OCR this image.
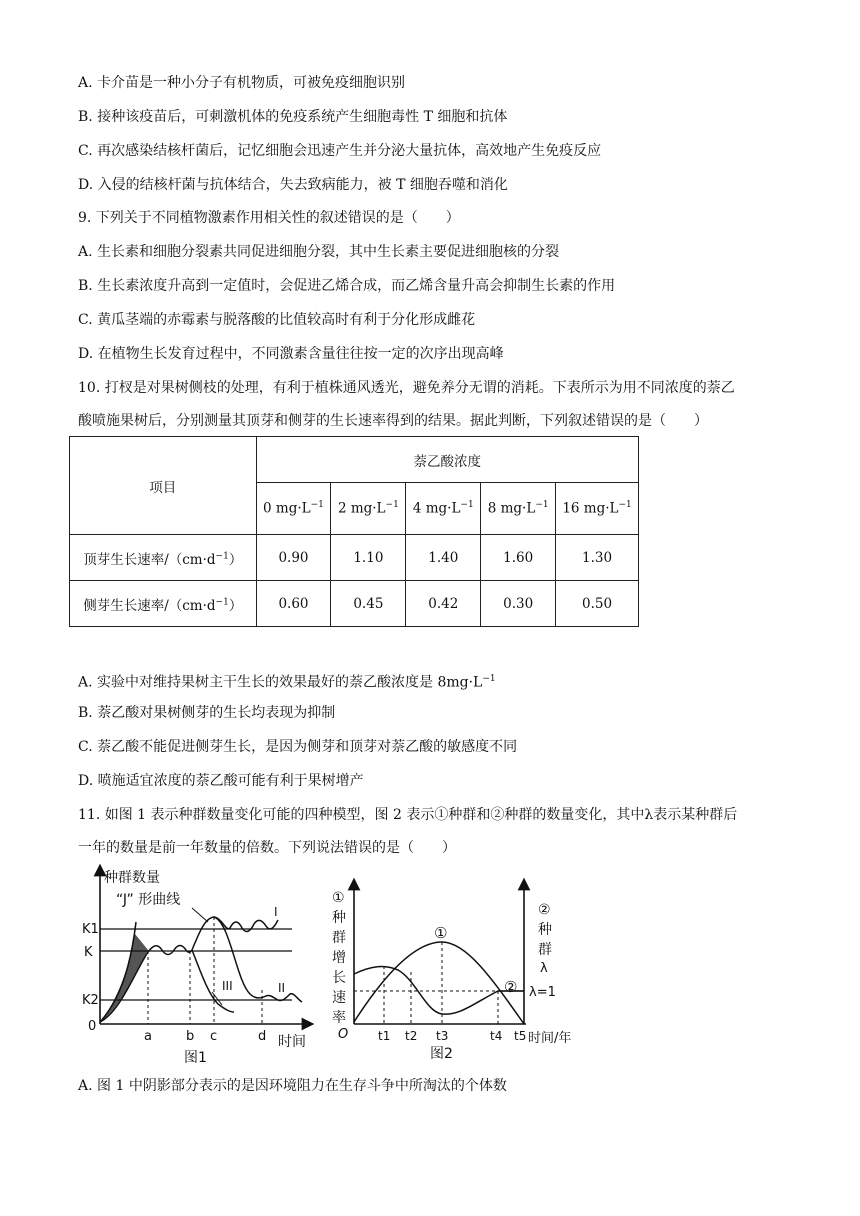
A. 卡介苗是一种小分子有机物质，可被免疫细胞识别
B. 接种该疫苗后，可刺激机体的免疫系统产生细胞毒性 T 细胞和抗体
C. 再次感染结核杆菌后，记忆细胞会迅速产生并分泌大量抗体，高效地产生免疫反应
D. 入侵的结核杆菌与抗体结合，失去致病能力，被 T 细胞吞噬和消化
9. 下列关于不同植物激素作用相关性的叙述错误的是（　　）
A. 生长素和细胞分裂素共同促进细胞分裂，其中生长素主要促进细胞核的分裂
B. 生长素浓度升高到一定值时，会促进乙烯合成，而乙烯含量升高会抑制生长素的作用
C. 黄瓜茎端的赤霉素与脱落酸的比值较高时有利于分化形成雌花
D. 在植物生长发育过程中，不同激素含量往往按一定的次序出现高峰
10. 打杈是对果树侧枝的处理，有利于植株通风透光，避免养分无谓的消耗。下表所示为用不同浓度的萘乙
酸喷施果树后，分别测量其顶芽和侧芽的生长速率得到的结果。据此判断，下列叙述错误的是（　　）
项目	萘乙酸浓度				
	0 $mg\cdot L^{-1}$	2 $mg\cdot L^{-1}$	4 $mg\cdot L^{-1}$	8 $mg\cdot L^{-1}$	16 $mg\cdot L^{-1}$
顶芽生长速率$/(cm\cdot d^{-1})$	0.90	1.10	1.40	1.60	1.30
侧芽生长速率$/(cm\cdot d^{-1})$	0.60	0.45	0.42	0.30	0.50
A. 实验中对维持果树主干生长的效果最好的萘乙酸浓度是 $8mg\cdot L^{-1}$
B. 萘乙酸对果树侧芽的生长均表现为抑制
C. 萘乙酸不能促进侧芽生长，是因为侧芽和顶芽对萘乙酸的敏感度不同
D. 喷施适宜浓度的萘乙酸可能有利于果树增产
11. 如图 1 表示种群数量变化可能的四种模型，图 2 表示①种群和②种群的数量变化，其中λ表示某种群后
一年的数量是前一年数量的倍数。下列说法错误的是（　　）
种群数量
“J” 形曲线
K1
K
K2
0
a	b c	d 时间
I
II
III
图1
①
种
群
增
长
速
率
②
种
群
λ
①
② λ=1
O t1 t2 t3	t4 t5 时间/年
图2
A. 图 1 中阴影部分表示的是因环境阻力在生存斗争中所淘汰的个体数
